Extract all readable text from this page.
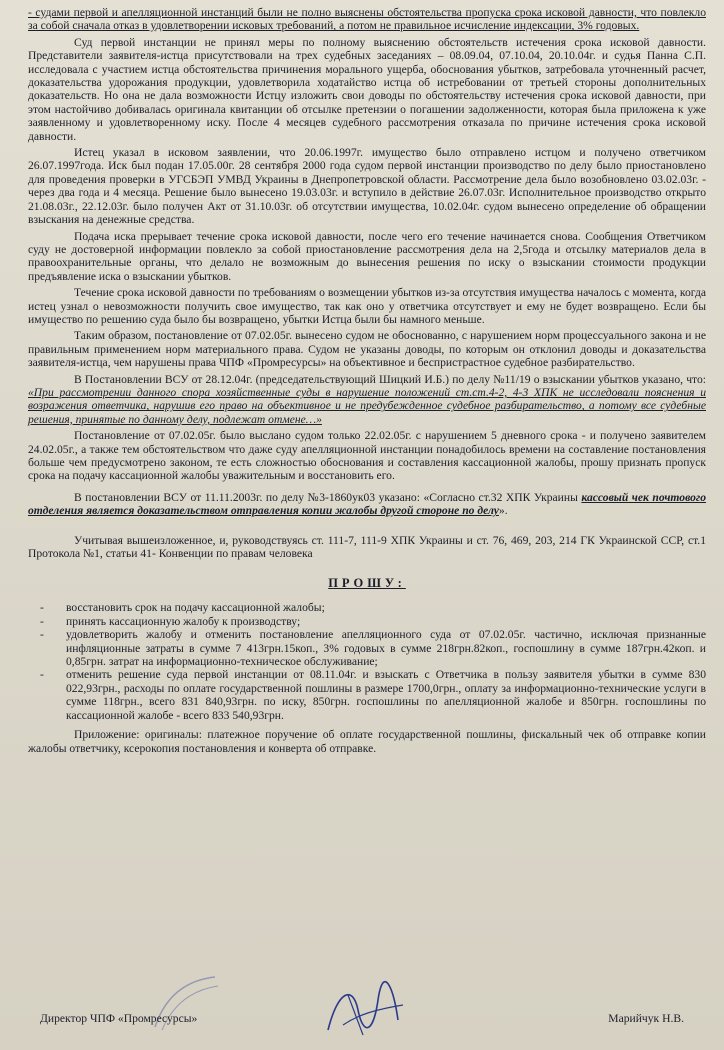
- судами первой и апелляционной инстанций были не полно выяснены обстоятельства пропуска срока исковой давности, что повлекло за собой сначала отказ в удовлетворении исковых требований, а потом не правильное исчисление индексации, 3% годовых.

Суд первой инстанции не принял меры по полному выяснению обстоятельств истечения срока исковой давности. Представители заявителя-истца присутствовали на трех судебных заседаниях – 08.09.04, 07.10.04, 20.10.04г. и судья Панна С.П. исследовала с участием истца обстоятельства причинения морального ущерба, обоснования убытков, затребовала уточненный расчет, доказательства удорожания продукции, удовлетворила ходатайство истца об истребовании от третьей стороны дополнительных доказательств. Но она не дала возможности Истцу изложить свои доводы по обстоятельству истечения срока исковой давности, при этом настойчиво добивалась оригинала квитанции об отсылке претензии о погашении задолженности, которая была приложена к уже заявленному и удовлетворенному иску. После 4 месяцев судебного рассмотрения отказала по причине истечения срока исковой давности.

Истец указал в исковом заявлении, что 20.06.1997г. имущество было отправлено истцом и получено ответчиком 26.07.1997года. Иск был подан 17.05.00г. 28 сентября 2000 года судом первой инстанции производство по делу было приостановлено для проведения проверки в УГСБЭП УМВД Украины в Днепропетровской области. Рассмотрение дела было возобновлено 03.02.03г. - через два года и 4 месяца. Решение было вынесено 19.03.03г. и вступило в действие 26.07.03г. Исполнительное производство открыто 21.08.03г., 22.12.03г. было получен Акт от 31.10.03г. об отсутствии имущества, 10.02.04г. судом вынесено определение об обращении взыскания на денежные средства.

Подача иска прерывает течение срока исковой давности, после чего его течение начинается снова. Сообщения Ответчиком суду не достоверной информации повлекло за собой приостановление рассмотрения дела на 2,5года и отсылку материалов дела в правоохранительные органы, что делало не возможным до вынесения решения по иску о взыскании стоимости продукции предъявление иска о взыскании убытков.

Течение срока исковой давности по требованиям о возмещении убытков из-за отсутствия имущества началось с момента, когда истец узнал о невозможности получить свое имущество, так как оно у ответчика отсутствует и ему не будет возвращено. Если бы имущество по решению суда было бы возвращено, убытки Истца были бы намного меньше.

Таким образом, постановление от 07.02.05г. вынесено судом не обоснованно, с нарушением норм процессуального закона и не правильным применением норм материального права. Судом не указаны доводы, по которым он отклонил доводы и доказательства заявителя-истца, чем нарушены права ЧПФ «Промресурсы» на объективное и беспристрастное судебное разбирательство.

В Постановлении ВСУ от 28.12.04г. (председательствующий Шицкий И.Б.) по делу №11/19 о взыскании убытков указано, что: «При рассмотрении данного спора хозяйственные суды в нарушение положений ст.ст.4-2, 4-3 ХПК не исследовали пояснения и возражения ответчика, нарушив его право на объективное и не предубежденное судебное разбирательство, а потому все судебные решения, принятые по данному делу, подлежат отмене…»

Постановление от 07.02.05г. было выслано судом только 22.02.05г. с нарушением 5 дневного срока - и получено заявителем 24.02.05г., а также тем обстоятельством что даже суду апелляционной инстанции понадобилось времени на составление постановления больше чем предусмотрено законом, те есть сложностью обоснования и составления кассационной жалобы, прошу признать пропуск срока на подачу кассационной жалобы уважительным и восстановить его.

В постановлении ВСУ от 11.11.2003г. по делу №3-1860ук03 указано: «Согласно ст.32 ХПК Украины кассовый чек почтового отделения является доказательством отправления копии жалобы другой стороне по делу».

Учитывая вышеизложенное, и, руководствуясь ст. 111-7, 111-9 ХПК Украины и ст. 76, 469, 203, 214 ГК Украинской ССР, ст.1 Протокола №1, статьи 41- Конвенции по правам человека

ПРОШУ:
- восстановить срок на подачу кассационной жалобы;
- принять кассационную жалобу к производству;
- удовлетворить жалобу и отменить постановление апелляционного суда от 07.02.05г. частично, исключая признанные инфляционные затраты в сумме 7 413грн.15коп., 3% годовых в сумме 218грн.82коп., госпошлину в сумме 187грн.42коп. и 0,85грн. затрат на информационно-техническое обслуживание;
- отменить решение суда первой инстанции от 08.11.04г. и взыскать с Ответчика в пользу заявителя убытки в сумме 830 022,93грн., расходы по оплате государственной пошлины в размере 1700,0грн., оплату за информационно-технические услуги в сумме 118грн., всего 831 840,93грн. по иску, 850грн. госпошлины по апелляционной жалобе и 850грн. госпошлины по кассационной жалобе - всего 833 540,93грн.

Приложение: оригиналы: платежное поручение об оплате государственной пошлины, фискальный чек об отправке копии жалобы ответчику, ксерокопия постановления и конверта об отправке.

Директор ЧПФ «Промресурсы»	Марийчук Н.В.
